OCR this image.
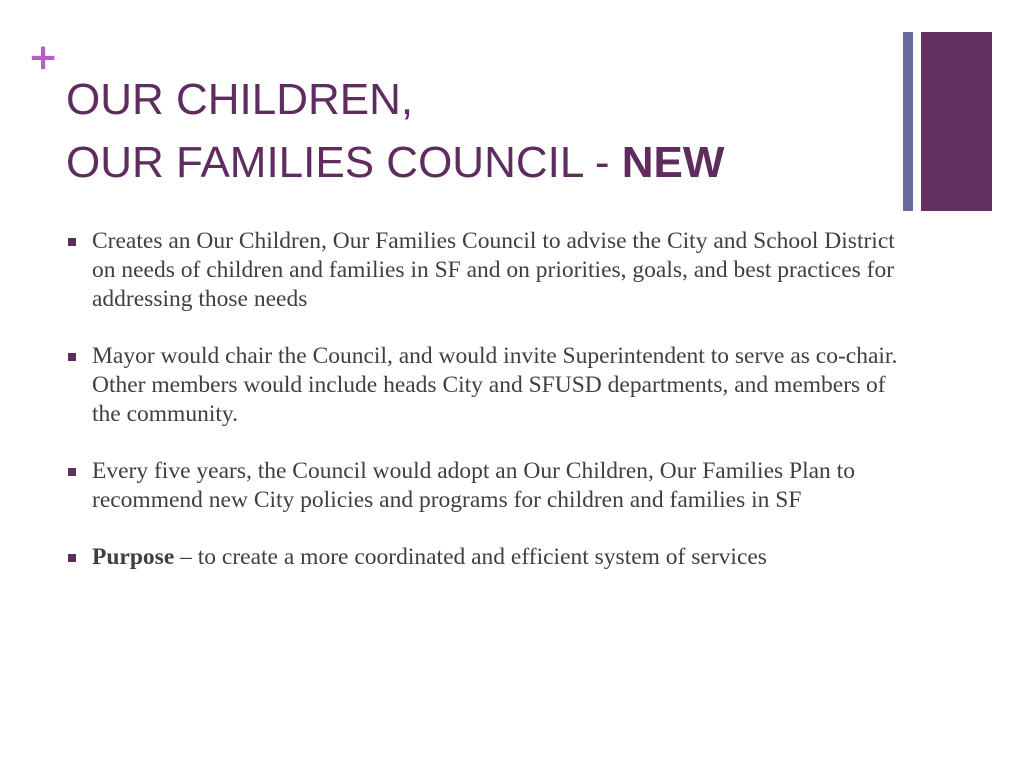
+
OUR CHILDREN,
OUR FAMILIES COUNCIL - NEW
Creates an Our Children, Our Families Council to advise the City and School District on needs of children and families in SF and on priorities, goals, and best practices for addressing those needs
Mayor would chair the Council, and would invite Superintendent to serve as co-chair. Other members would include heads City and SFUSD departments, and members of the community.
Every five years, the Council would adopt an Our Children, Our Families Plan to recommend new City policies and programs for children and families in SF
Purpose – to create a more coordinated and efficient system of services
